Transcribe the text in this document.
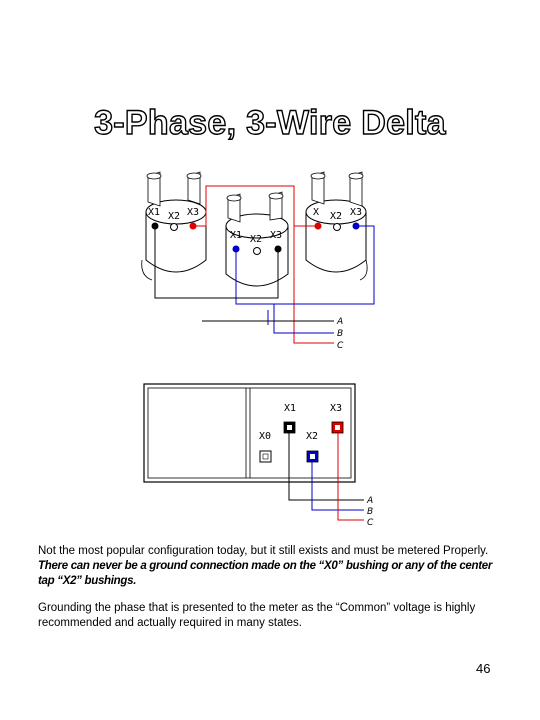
3-Phase, 3-Wire Delta
X1 X2 X3
X1 X2 X3
X X2 X3
A
B
C
X1	X3
X0	X2
A
B
C

Not the most popular configuration today, but it still exists and must be metered Properly. There can never be a ground connection made on the “X0” bushing or any of the center tap “X2” bushings.

Grounding the phase that is presented to the meter as the “Common” voltage is highly recommended and actually required in many states.

46
